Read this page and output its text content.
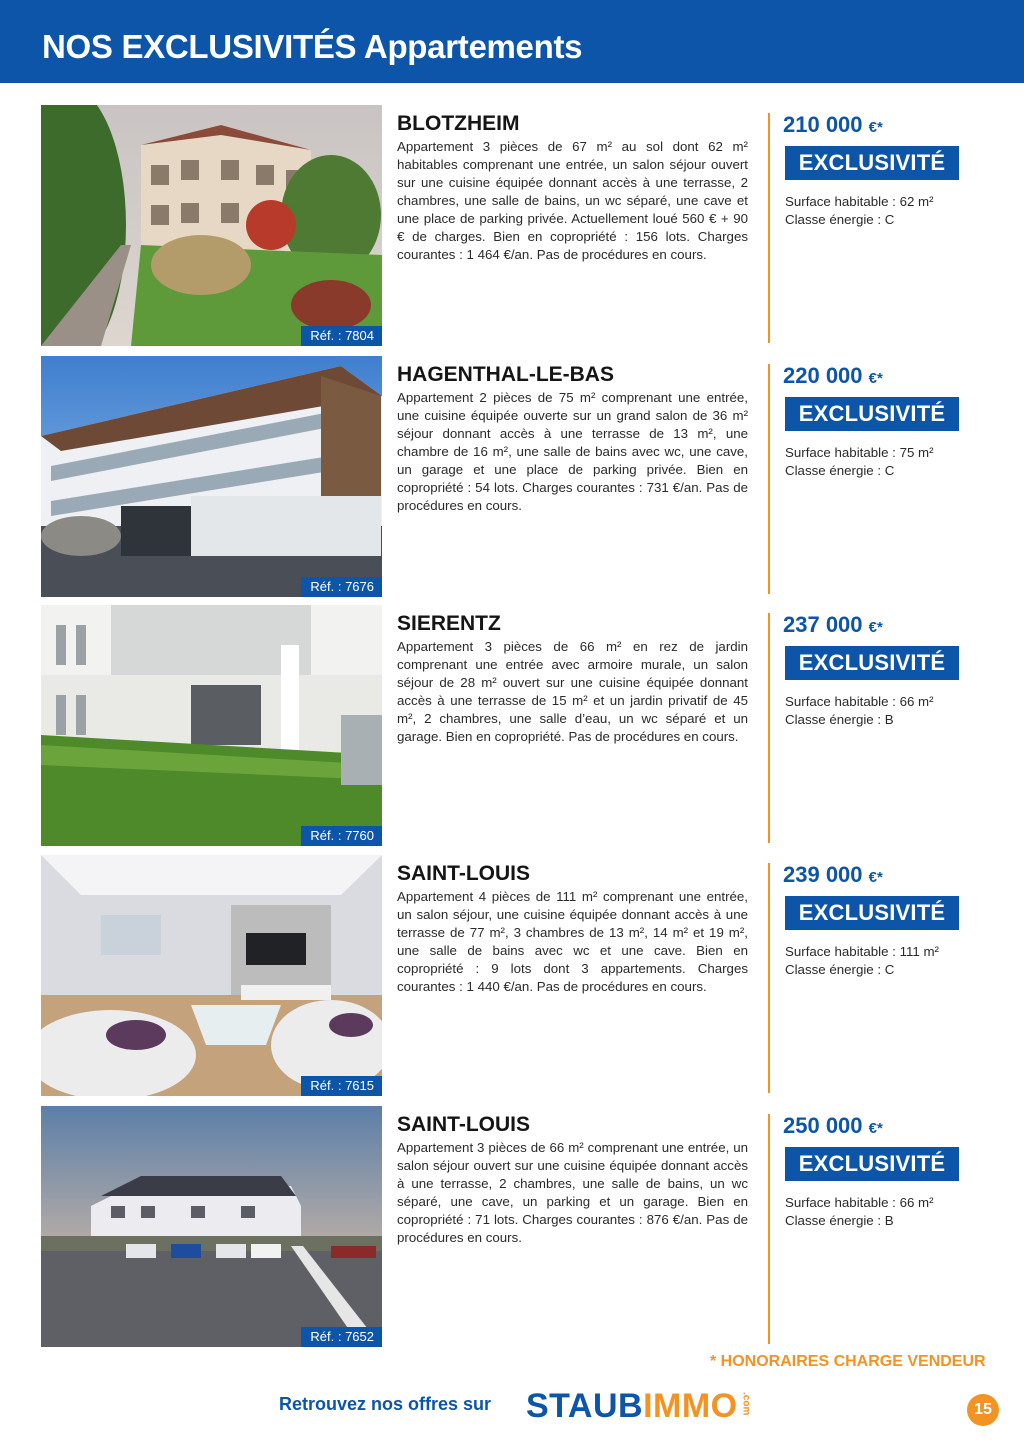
NOS EXCLUSIVITÉS Appartements
Réf. : 7804
BLOTZHEIM

Appartement 3 pièces de 67 m² au sol dont 62 m² habitables comprenant une entrée, un salon séjour ouvert sur une cuisine équipée donnant accès à une terrasse, 2 chambres, une salle de bains, un wc séparé, une cave et une place de parking privée. Actuellement loué 560 € + 90 € de charges. Bien en copropriété : 156 lots. Charges courantes : 1 464 €/an. Pas de procédures en cours.

210 000 €*
EXCLUSIVITÉ
Surface habitable : 62 m²
Classe énergie : C
Réf. : 7676
HAGENTHAL-LE-BAS

Appartement 2 pièces de 75 m² comprenant une entrée, une cuisine équipée ouverte sur un grand salon de 36 m² séjour donnant accès à une terrasse de 13 m², une chambre de 16 m², une salle de bains avec wc, une cave, un garage et une place de parking privée. Bien en copropriété : 54 lots. Charges courantes : 731 €/an. Pas de procédures en cours.

220 000 €*
EXCLUSIVITÉ
Surface habitable : 75 m²
Classe énergie : C
Réf. : 7760
SIERENTZ

Appartement 3 pièces de 66 m² en rez de jardin comprenant une entrée avec armoire murale, un salon séjour de 28 m² ouvert sur une cuisine équipée donnant accès à une terrasse de 15 m² et un jardin privatif de 45 m², 2 chambres, une salle d’eau, un wc séparé et un garage. Bien en copropriété. Pas de procédures en cours.

237 000 €*
EXCLUSIVITÉ
Surface habitable : 66 m²
Classe énergie : B
Réf. : 7615
SAINT-LOUIS

Appartement 4 pièces de 111 m² comprenant une entrée, un salon séjour, une cuisine équipée donnant accès à une terrasse de 77 m², 3 chambres de 13 m², 14 m² et 19 m², une salle de bains avec wc et une cave. Bien en copropriété : 9 lots dont 3 appartements. Charges courantes : 1 440 €/an. Pas de procédures en cours.

239 000 €*
EXCLUSIVITÉ
Surface habitable : 111 m²
Classe énergie : C
Réf. : 7652
SAINT-LOUIS

Appartement 3 pièces de 66 m² comprenant une entrée, un salon séjour ouvert sur une cuisine équipée donnant accès à une terrasse, 2 chambres, une salle de bains, un wc séparé, une cave, un parking et un garage. Bien en copropriété : 71 lots. Charges courantes : 876 €/an. Pas de procédures en cours.

250 000 €*
EXCLUSIVITÉ
Surface habitable : 66 m²
Classe énergie : B
* HONORAIRES CHARGE VENDEUR
Retrouvez nos offres sur STAUB IMMO .com	15
